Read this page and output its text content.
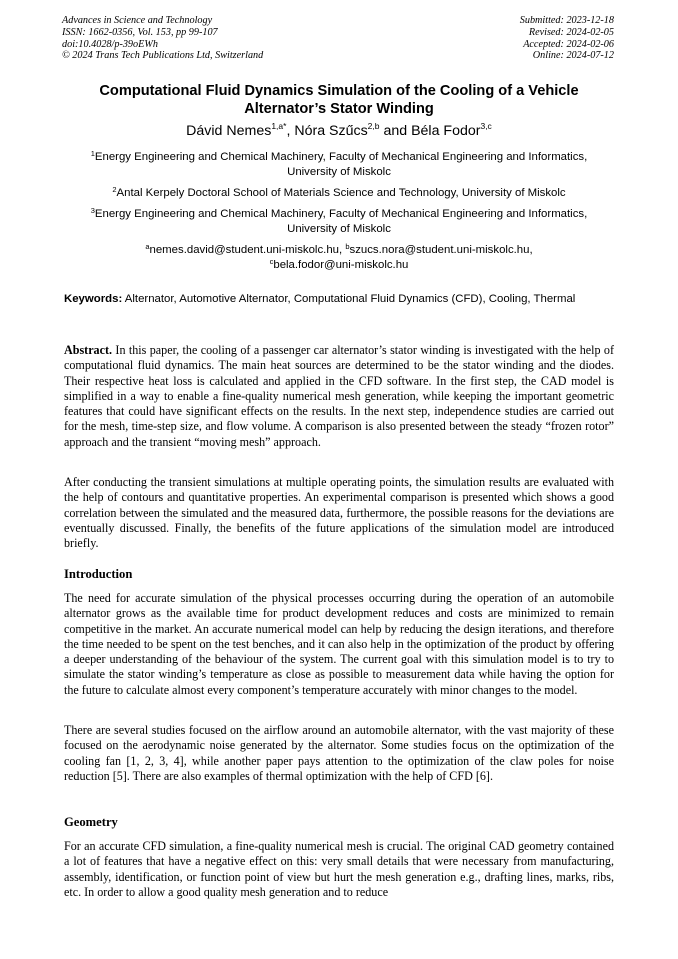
Advances in Science and Technology
ISSN: 1662-0356, Vol. 153, pp 99-107
doi:10.4028/p-39oEWh
© 2024 Trans Tech Publications Ltd, Switzerland
Submitted: 2023-12-18
Revised: 2024-02-05
Accepted: 2024-02-06
Online: 2024-07-12
Computational Fluid Dynamics Simulation of the Cooling of a Vehicle
Alternator’s Stator Winding
Dávid Nemes$^{1,a*}$, Nóra Szűcs$^{2,b}$ and Béla Fodor$^{3,c}$
$^1$Energy Engineering and Chemical Machinery, Faculty of Mechanical Engineering and Informatics,
University of Miskolc
$^2$Antal Kerpely Doctoral School of Materials Science and Technology, University of Miskolc
$^3$Energy Engineering and Chemical Machinery, Faculty of Mechanical Engineering and Informatics,
University of Miskolc
$^a$nemes.david@student.uni-miskolc.hu, $^b$szucs.nora@student.uni-miskolc.hu,
$^c$bela.fodor@uni-miskolc.hu
Keywords: Alternator, Automotive Alternator, Computational Fluid Dynamics (CFD), Cooling, Thermal
Abstract. In this paper, the cooling of a passenger car alternator’s stator winding is investigated with the help of computational fluid dynamics. The main heat sources are determined to be the stator winding and the diodes. Their respective heat loss is calculated and applied in the CFD software. In the first step, the CAD model is simplified in a way to enable a fine-quality numerical mesh generation, while keeping the important geometric features that could have significant effects on the results. In the next step, independence studies are carried out for the mesh, time-step size, and flow volume. A comparison is also presented between the steady “frozen rotor” approach and the transient “moving mesh” approach.
After conducting the transient simulations at multiple operating points, the simulation results are evaluated with the help of contours and quantitative properties. An experimental comparison is presented which shows a good correlation between the simulated and the measured data, furthermore, the possible reasons for the deviations are eventually discussed. Finally, the benefits of the future applications of the simulation model are introduced briefly.
Introduction
The need for accurate simulation of the physical processes occurring during the operation of an automobile alternator grows as the available time for product development reduces and costs are minimized to remain competitive in the market. An accurate numerical model can help by reducing the design iterations, and therefore the time needed to be spent on the test benches, and it can also help in the optimization of the product by offering a deeper understanding of the behaviour of the system. The current goal with this simulation model is to try to simulate the stator winding’s temperature as close as possible to measurement data while having the option for the future to calculate almost every component’s temperature accurately with minor changes to the model.
There are several studies focused on the airflow around an automobile alternator, with the vast majority of these focused on the aerodynamic noise generated by the alternator. Some studies focus on the optimization of the cooling fan [1, 2, 3, 4], while another paper pays attention to the optimization of the claw poles for noise reduction [5]. There are also examples of thermal optimization with the help of CFD [6].
Geometry
For an accurate CFD simulation, a fine-quality numerical mesh is crucial. The original CAD geometry contained a lot of features that have a negative effect on this: very small details that were necessary from manufacturing, assembly, identification, or function point of view but hurt the mesh generation e.g., drafting lines, marks, ribs, etc. In order to allow a good quality mesh generation and to reduce
